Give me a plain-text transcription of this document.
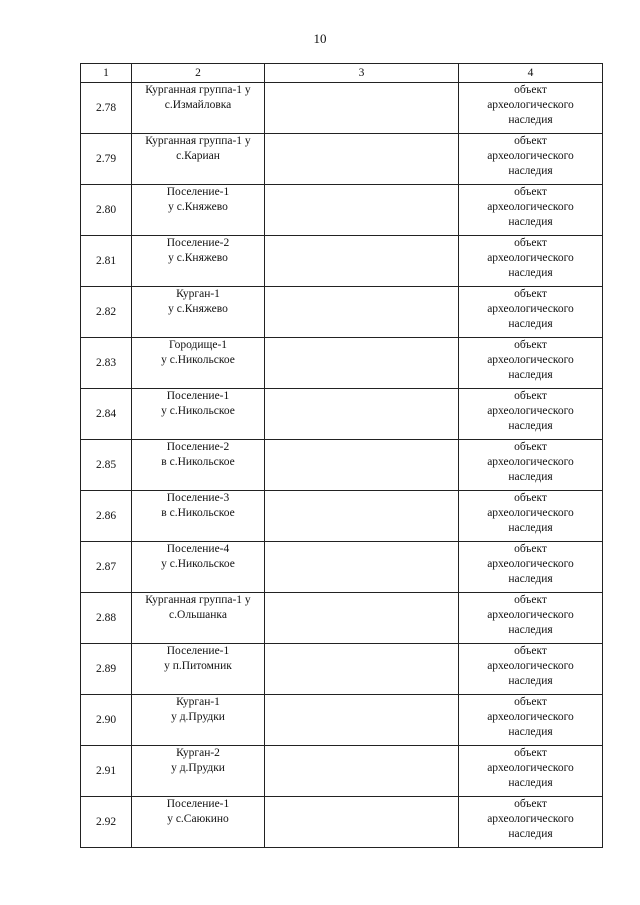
10
1	2	3	4
2.78	Курганная группа-1 у
с.Измайловка		объект
археологического
наследия

2.79	Курганная группа-1 у
с.Кариан		объект
археологического
наследия

2.80	Поселение-1
у с.Княжево		объект
археологического
наследия

2.81	Поселение-2
у с.Княжево		объект
археологического
наследия

2.82	Курган-1
у с.Княжево		объект
археологического
наследия

2.83	Городище-1
у с.Никольское		объект
археологического
наследия

2.84	Поселение-1
у с.Никольское		объект
археологического
наследия

2.85	Поселение-2
в с.Никольское		объект
археологического
наследия

2.86	Поселение-3
в с.Никольское		объект
археологического
наследия

2.87	Поселение-4
у с.Никольское		объект
археологического
наследия

2.88	Курганная группа-1 у
с.Ольшанка		объект
археологического
наследия

2.89	Поселение-1
у п.Питомник		объект
археологического
наследия

2.90	Курган-1
у д.Прудки		объект
археологического
наследия

2.91	Курган-2
у д.Прудки		объект
археологического
наследия

2.92	Поселение-1
у с.Саюкино		объект
археологического
наследия
